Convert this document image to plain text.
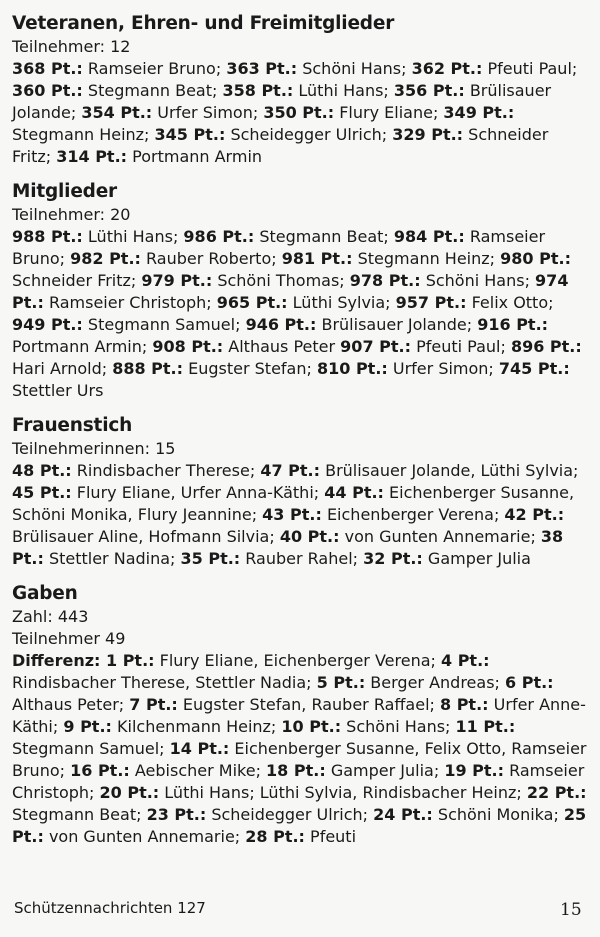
Veteranen, Ehren- und Freimitglieder
Teilnehmer: 12
368 Pt.: Ramseier Bruno; 363 Pt.: Schöni Hans; 362 Pt.: Pfeuti Paul; 360 Pt.: Stegmann Beat; 358 Pt.: Lüthi Hans; 356 Pt.: Brülisauer Jolande; 354 Pt.: Urfer Simon; 350 Pt.: Flury Eliane; 349 Pt.: Stegmann Heinz; 345 Pt.: Scheidegger Ulrich; 329 Pt.: Schneider Fritz; 314 Pt.: Portmann Armin
Mitglieder
Teilnehmer: 20
988 Pt.: Lüthi Hans; 986 Pt.: Stegmann Beat; 984 Pt.: Ramseier Bruno; 982 Pt.: Rauber Roberto; 981 Pt.: Stegmann Heinz; 980 Pt.: Schneider Fritz; 979 Pt.: Schöni Thomas; 978 Pt.: Schöni Hans; 974 Pt.: Ramseier Christoph; 965 Pt.: Lüthi Sylvia; 957 Pt.: Felix Otto; 949 Pt.: Stegmann Samuel; 946 Pt.: Brülisauer Jolande; 916 Pt.: Portmann Armin; 908 Pt.: Althaus Peter 907 Pt.: Pfeuti Paul; 896 Pt.: Hari Arnold; 888 Pt.: Eugster Stefan; 810 Pt.: Urfer Simon; 745 Pt.: Stettler Urs
Frauenstich
Teilnehmerinnen: 15
48 Pt.: Rindisbacher Therese; 47 Pt.: Brülisauer Jolande, Lüthi Sylvia; 45 Pt.: Flury Eliane, Urfer Anna-Käthi; 44 Pt.: Eichenberger Susanne, Schöni Monika, Flury Jeannine; 43 Pt.: Eichenberger Verena; 42 Pt.: Brülisauer Aline, Hofmann Silvia; 40 Pt.: von Gunten Annemarie; 38 Pt.: Stettler Nadina; 35 Pt.: Rauber Rahel; 32 Pt.: Gamper Julia
Gaben
Zahl: 443
Teilnehmer 49
Differenz: 1 Pt.: Flury Eliane, Eichenberger Verena; 4 Pt.: Rindisbacher Therese, Stettler Nadia; 5 Pt.: Berger Andreas; 6 Pt.: Althaus Peter; 7 Pt.: Eugster Stefan, Rauber Raffael; 8 Pt.: Urfer Anne-Käthi; 9 Pt.: Kilchenmann Heinz; 10 Pt.: Schöni Hans; 11 Pt.: Stegmann Samuel; 14 Pt.: Eichenberger Susanne, Felix Otto, Ramseier Bruno; 16 Pt.: Aebischer Mike; 18 Pt.: Gamper Julia; 19 Pt.: Ramseier Christoph; 20 Pt.: Lüthi Hans; Lüthi Sylvia, Rindisbacher Heinz; 22 Pt.: Stegmann Beat; 23 Pt.: Scheidegger Ulrich; 24 Pt.: Schöni Monika; 25 Pt.: von Gunten Annemarie; 28 Pt.: Pfeuti
Schützennachrichten 127	15
